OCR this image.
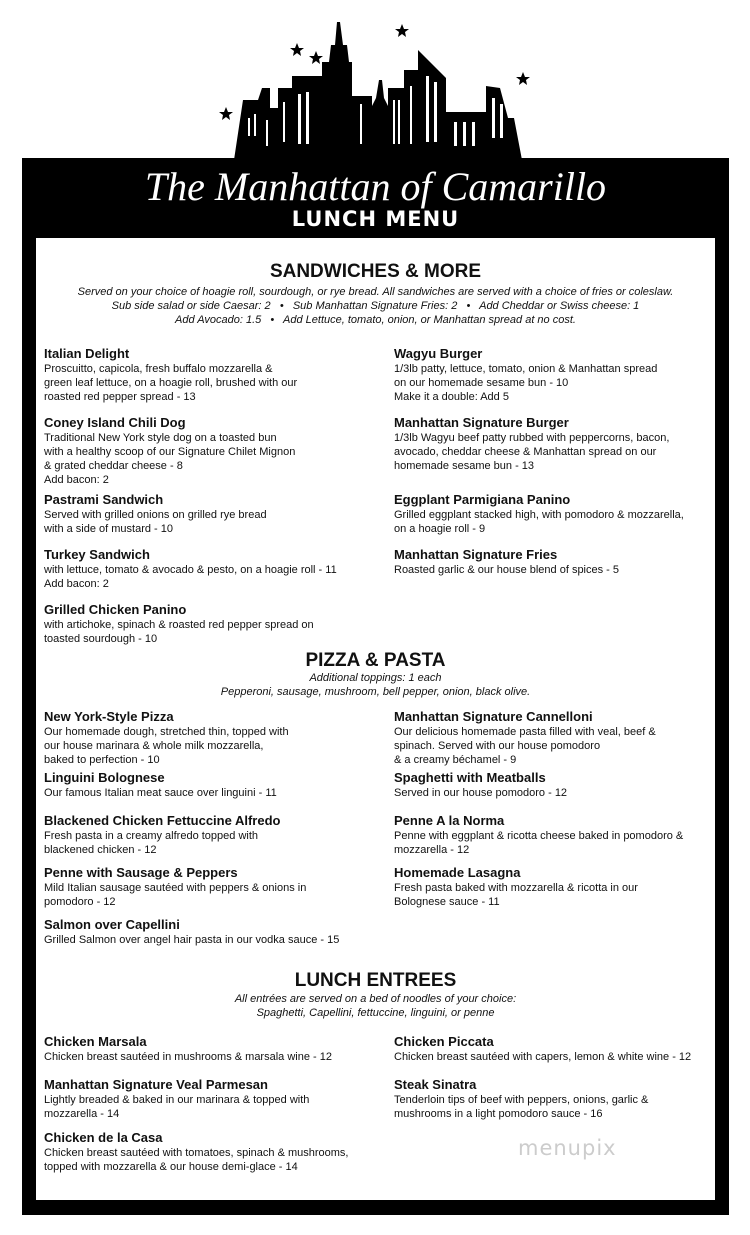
The Manhattan of Camarillo
LUNCH MENU
SANDWICHES & MORE
Served on your choice of hoagie roll, sourdough, or rye bread. All sandwiches are served with a choice of fries or coleslaw.
Sub side salad or side Caesar: 2   •   Sub Manhattan Signature Fries: 2   •   Add Cheddar or Swiss cheese: 1
Add Avocado: 1.5   •   Add Lettuce, tomato, onion, or Manhattan spread at no cost.
Italian Delight
Proscuitto, capicola, fresh buffalo mozzarella &
green leaf lettuce, on a hoagie roll, brushed with our
roasted red pepper spread - 13
Coney Island Chili Dog
Traditional New York style dog on a toasted bun
with a healthy scoop of our Signature Chilet Mignon
& grated cheddar cheese - 8
Add bacon: 2
Pastrami Sandwich
Served with grilled onions on grilled rye bread
with a side of mustard - 10
Turkey Sandwich
with lettuce, tomato & avocado & pesto, on a hoagie roll - 11
Add bacon: 2
Grilled Chicken Panino
with artichoke, spinach & roasted red pepper spread on
toasted sourdough - 10
Wagyu Burger
1/3lb patty, lettuce, tomato, onion & Manhattan spread
on our homemade sesame bun - 10
Make it a double: Add 5
Manhattan Signature Burger
1/3lb Wagyu beef patty rubbed with peppercorns, bacon,
avocado, cheddar cheese & Manhattan spread on our
homemade sesame bun - 13
Eggplant Parmigiana Panino
Grilled eggplant stacked high, with pomodoro & mozzarella,
on a hoagie roll - 9
Manhattan Signature Fries
Roasted garlic & our house blend of spices - 5
PIZZA & PASTA
Additional toppings: 1 each
Pepperoni, sausage, mushroom, bell pepper, onion, black olive.
New York-Style Pizza
Our homemade dough, stretched thin, topped with
our house marinara & whole milk mozzarella,
baked to perfection - 10
Linguini Bolognese
Our famous Italian meat sauce over linguini - 11
Blackened Chicken Fettuccine Alfredo
Fresh pasta in a creamy alfredo topped with
blackened chicken - 12
Penne with Sausage & Peppers
Mild Italian sausage sautéed with peppers & onions in
pomodoro - 12
Salmon over Capellini
Grilled Salmon over angel hair pasta in our vodka sauce - 15
Manhattan Signature Cannelloni
Our delicious homemade pasta filled with veal, beef &
spinach. Served with our house pomodoro
& a creamy béchamel - 9
Spaghetti with Meatballs
Served in our house pomodoro - 12
Penne A la Norma
Penne with eggplant & ricotta cheese baked in pomodoro &
mozzarella - 12
Homemade Lasagna
Fresh pasta baked with mozzarella & ricotta in our
Bolognese sauce - 11
LUNCH ENTREES
All entrées are served on a bed of noodles of your choice:
Spaghetti, Capellini, fettuccine, linguini, or penne
Chicken Marsala
Chicken breast sautéed in mushrooms & marsala wine - 12
Manhattan Signature Veal Parmesan
Lightly breaded & baked in our marinara & topped with
mozzarella - 14
Chicken de la Casa
Chicken breast sautéed with tomatoes, spinach & mushrooms,
topped with mozzarella & our house demi-glace - 14
Chicken Piccata
Chicken breast sautéed with capers, lemon & white wine - 12
Steak Sinatra
Tenderloin tips of beef with peppers, onions, garlic &
mushrooms in a light pomodoro sauce - 16
menupix
